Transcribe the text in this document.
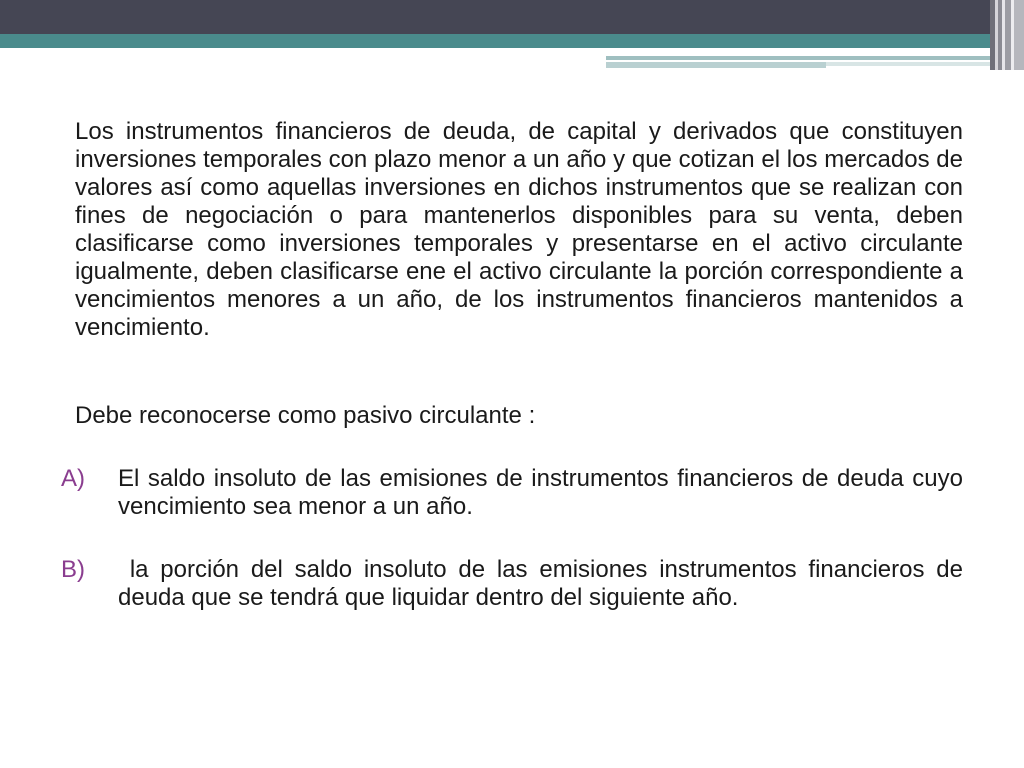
Los instrumentos financieros de deuda, de capital y derivados que constituyen inversiones temporales con plazo menor a un año y que cotizan el los mercados de valores así como aquellas inversiones en dichos instrumentos que se realizan con fines de negociación o para mantenerlos disponibles para su venta, deben clasificarse como inversiones temporales y presentarse en el activo circulante igualmente, deben clasificarse ene el activo circulante la porción correspondiente a vencimientos menores a un año, de los instrumentos financieros mantenidos a vencimiento.

Debe reconocerse como pasivo circulante :

A) El saldo insoluto de las emisiones de instrumentos financieros de deuda cuyo vencimiento sea menor a un año.

B) la porción del saldo insoluto de las emisiones instrumentos financieros de deuda que se tendrá que liquidar dentro del siguiente año.
